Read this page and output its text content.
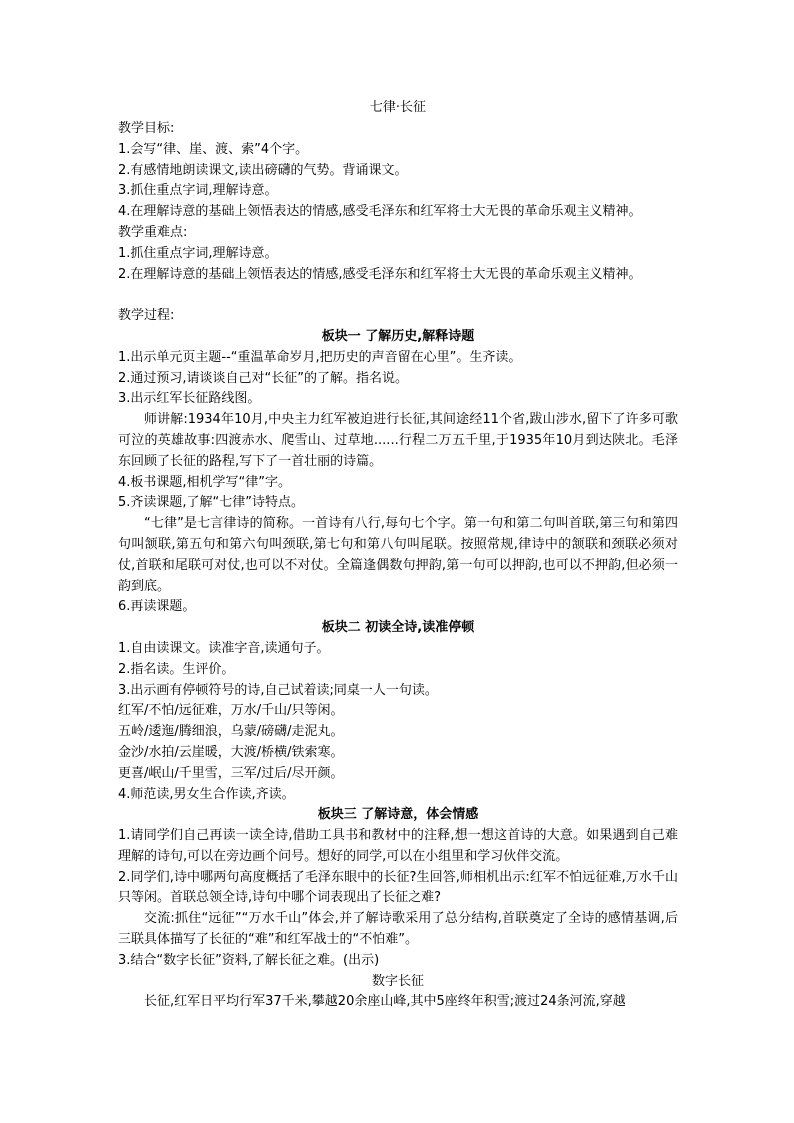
七律·长征

教学目标:

1.会写“律、崖、渡、索”4个字。

2.有感情地朗读课文,读出磅礴的气势。背诵课文。

3.抓住重点字词,理解诗意。

4.在理解诗意的基础上领悟表达的情感,感受毛泽东和红军将士大无畏的革命乐观主义精神。

教学重难点:

1.抓住重点字词,理解诗意。

2.在理解诗意的基础上领悟表达的情感,感受毛泽东和红军将士大无畏的革命乐观主义精神。

教学过程:

板块一 了解历史,解释诗题

1.出示单元页主题--“重温革命岁月,把历史的声音留在心里”。生齐读。

2.通过预习,请谈谈自己对“长征”的了解。指名说。

3.出示红军长征路线图。

师讲解:1934年10月,中央主力红军被迫进行长征,其间途经11个省,跋山涉水,留下了许多可歌可泣的英雄故事:四渡赤水、爬雪山、过草地......行程二万五千里,于1935年10月到达陕北。毛泽东回顾了长征的路程,写下了一首壮丽的诗篇。

4.板书课题,相机学写“律”字。

5.齐读课题,了解“七律”诗特点。

“七律”是七言律诗的简称。一首诗有八行,每句七个字。第一句和第二句叫首联,第三句和第四句叫颔联,第五句和第六句叫颈联,第七句和第八句叫尾联。按照常规,律诗中的颔联和颈联必须对仗,首联和尾联可对仗,也可以不对仗。全篇逢偶数句押韵,第一句可以押韵,也可以不押韵,但必须一韵到底。

6.再读课题。

板块二 初读全诗,读准停顿

1.自由读课文。读准字音,读通句子。

2.指名读。生评价。

3.出示画有停顿符号的诗,自己试着读;同桌一人一句读。

红军/不怕/远征难，万水/千山/只等闲。

五岭/逶迤/腾细浪，乌蒙/磅礴/走泥丸。

金沙/水拍/云崖暖，大渡/桥横/铁索寒。

更喜/岷山/千里雪，三军/过后/尽开颜。

4.师范读,男女生合作读,齐读。

板块三 了解诗意，体会情感

1.请同学们自己再读一读全诗,借助工具书和教材中的注释,想一想这首诗的大意。如果遇到自己难理解的诗句,可以在旁边画个问号。想好的同学,可以在小组里和学习伙伴交流。

2.同学们,诗中哪两句高度概括了毛泽东眼中的长征?生回答,师相机出示:红军不怕远征难,万水千山只等闲。首联总领全诗,诗句中哪个词表现出了长征之难?

交流:抓住“远征”“万水千山”体会,并了解诗歌采用了总分结构,首联奠定了全诗的感情基调,后三联具体描写了长征的“难”和红军战士的“不怕难”。

3.结合“数字长征”资料,了解长征之难。(出示)

数字长征

长征,红军日平均行军37千米,攀越20余座山峰,其中5座终年积雪;渡过24条河流,穿越
